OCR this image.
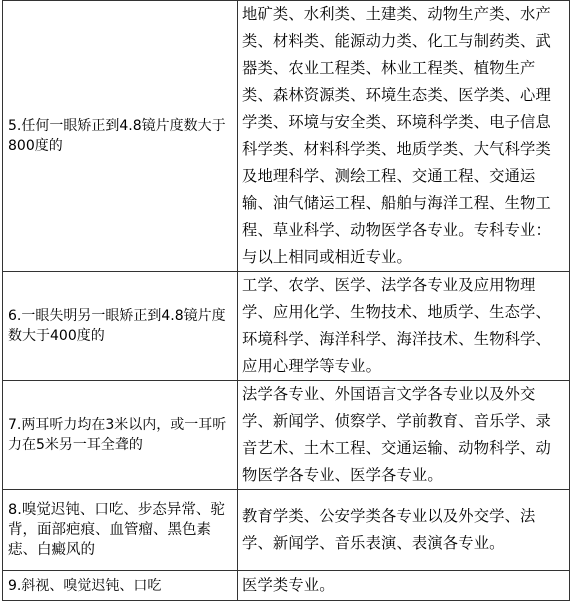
5.任何一眼矫正到4.8镜片度数大于800度的	地矿类、水利类、土建类、动物生产类、水产类、材料类、能源动力类、化工与制药类、武器类、农业工程类、林业工程类、植物生产类、森林资源类、环境生态类、医学类、心理学类、环境与安全类、环境科学类、电子信息科学类、材料科学类、地质学类、大气科学类及地理科学、测绘工程、交通工程、交通运输、油气储运工程、船舶与海洋工程、生物工程、草业科学、动物医学各专业。专科专业：与以上相同或相近专业。

6.一眼失明另一眼矫正到4.8镜片度数大于400度的	工学、农学、医学、法学各专业及应用物理学、应用化学、生物技术、地质学、生态学、环境科学、海洋科学、海洋技术、生物科学、应用心理学等专业。

7.两耳听力均在3米以内，或一耳听力在5米另一耳全聋的	法学各专业、外国语言文学各专业以及外交学、新闻学、侦察学、学前教育、音乐学、录音艺术、土木工程、交通运输、动物科学、动物医学各专业、医学各专业。

8.嗅觉迟钝、口吃、步态异常、驼背，面部疤痕、血管瘤、黑色素痣、白癜风的	教育学类、公安学类各专业以及外交学、法学、新闻学、音乐表演、表演各专业。

9.斜视、嗅觉迟钝、口吃	医学类专业。
